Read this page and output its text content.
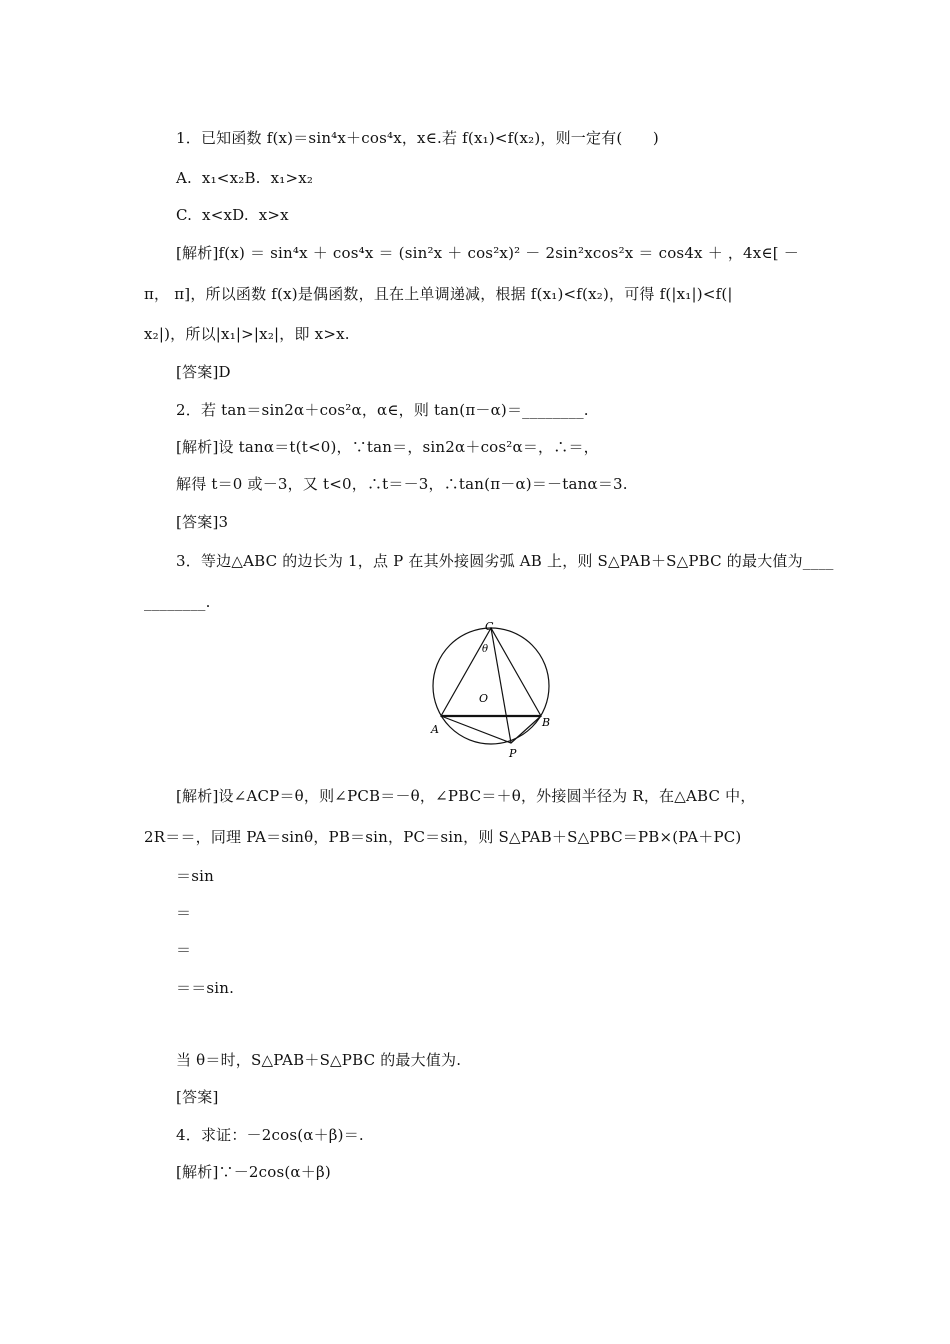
1．已知函数 f(x)＝sin⁴x＋cos⁴x，x∈.若 f(x₁)<f(x₂)，则一定有(　　)
A.  x₁<x₂B.  x₁>x₂
C.  x<xD.  x>x
[解析]f(x) ＝ sin⁴x ＋ cos⁴x ＝ (sin²x ＋ cos²x)² － 2sin²xcos²x ＝ cos4x ＋ ，4x∈[ －
π， π]，所以函数 f(x)是偶函数，且在上单调递减，根据 f(x₁)<f(x₂)，可得 f(|x₁|)<f(|
x₂|)，所以|x₁|>|x₂|，即 x>x.
[答案]D
2．若 tan＝sin2α＋cos²α，α∈，则 tan(π－α)＝________.
[解析]设 tanα＝t(t<0)，∵tan＝，sin2α＋cos²α＝，∴＝，
解得 t＝0 或－3，又 t<0，∴t＝－3，∴tan(π－α)＝－tanα＝3.
[答案]3
3．等边△ABC 的边长为 1，点 P 在其外接圆劣弧 AB 上，则 S△PAB＋S△PBC 的最大值为____
________.
C
θ
O
A
B
P
[解析]设∠ACP＝θ，则∠PCB＝－θ，∠PBC＝＋θ，外接圆半径为 R，在△ABC 中，
2R＝＝，同理 PA＝sinθ，PB＝sin，PC＝sin，则 S△PAB＋S△PBC＝PB×(PA＋PC)
＝sin
＝
＝
＝＝sin.
当 θ＝时，S△PAB＋S△PBC 的最大值为.
[答案]
4．求证：－2cos(α＋β)＝.
[解析]∵－2cos(α＋β)
